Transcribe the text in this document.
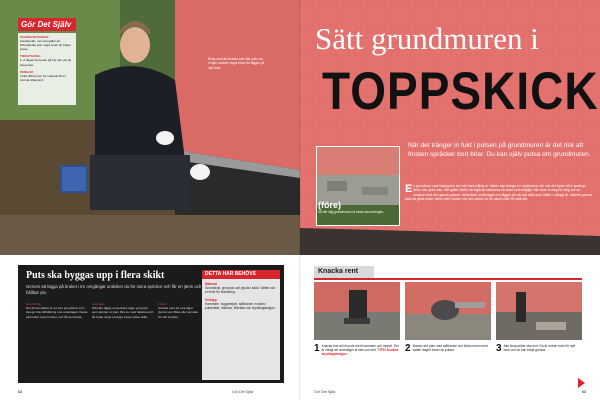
Gör Det Själv
SVÅRIGHETSGRAD:
Ganska lätt, men det gäller att förbehandla ytan noga innan du börjar putsa.
TIDSÅTGÅNG:
1–2 dagar beroende på hur stor yta du ska putsa.
PENGAR:
Cirka 300 kronor för material till en normal villagrund.
Börja med att knacka bort löst puts och rengör sockeln noga innan du lägger på nytt bruk.
Sätt grundmuren i
TOPPSKICK
(före)
Så här såg grundmuren ut innan renoveringen.
När det tränger in fukt i putsen på grundmuren är det risk att frosten spräcker bort bitar. Du kan själv putsa om grundmuren.
E n grundmur med trasig puts ser inte bara tråkig ut. Vatten kan tränga in i sprickorna och när det fryser till is sprängs ännu mer puts loss. Det gäller därför att åtgärda skadorna så snart som möjligt. Här visar vi steg för steg hur du knackar bort den gamla putsen, förbereder underlaget och lägger på ett nytt skikt som håller i många år. Arbetet passar bäst att göra under våren eller hösten när det varken är för varmt eller för kallt ute.
Puts ska byggas upp i flera skikt
Genom att lägga på bruket i tre omgångar undviker du för stora sprickor och får en jämn och hållbar yta.
Grundning
Det första skiktet är ett tunt grundbruk som ska ge bra vidhäftning mot underlaget. Kasta på bruket med murslev och låt det härda.
Grovputs
Därefter läggs ett tjockare lager grovputs som jämnar ut ytan. Dra av med rätskiva och låt torka minst ett dygn innan nästa skikt.
Ytputs
Avsluta med ett tunt lager ytputs som filtas eller sprutas för rätt struktur.
DETTA HAR BEHÖVS
Material
Grundbruk, grovputs och ytputs i säck. Vatten och en hink för blandning.
Verktyg
Hammare, huggmejsel, stålborste, murslev, putsbräda, rätskiva, filtbräda och skyddsglasögon.
Knacka rent
1 Knacka bort all lös puts med hammare och mejsel. Det är viktigt att underlaget är fast och rent. TIPS! Använd skyddsglasögon.
2 Borsta rent ytan med stålborste och fukta muren med vatten dagen innan du putsar.	3 Alla lösa partier ska bort. Nu är muren redo för nytt bruk och du kan börja grunda.
62	Gör Det Själv	Gör Det Själv	63
